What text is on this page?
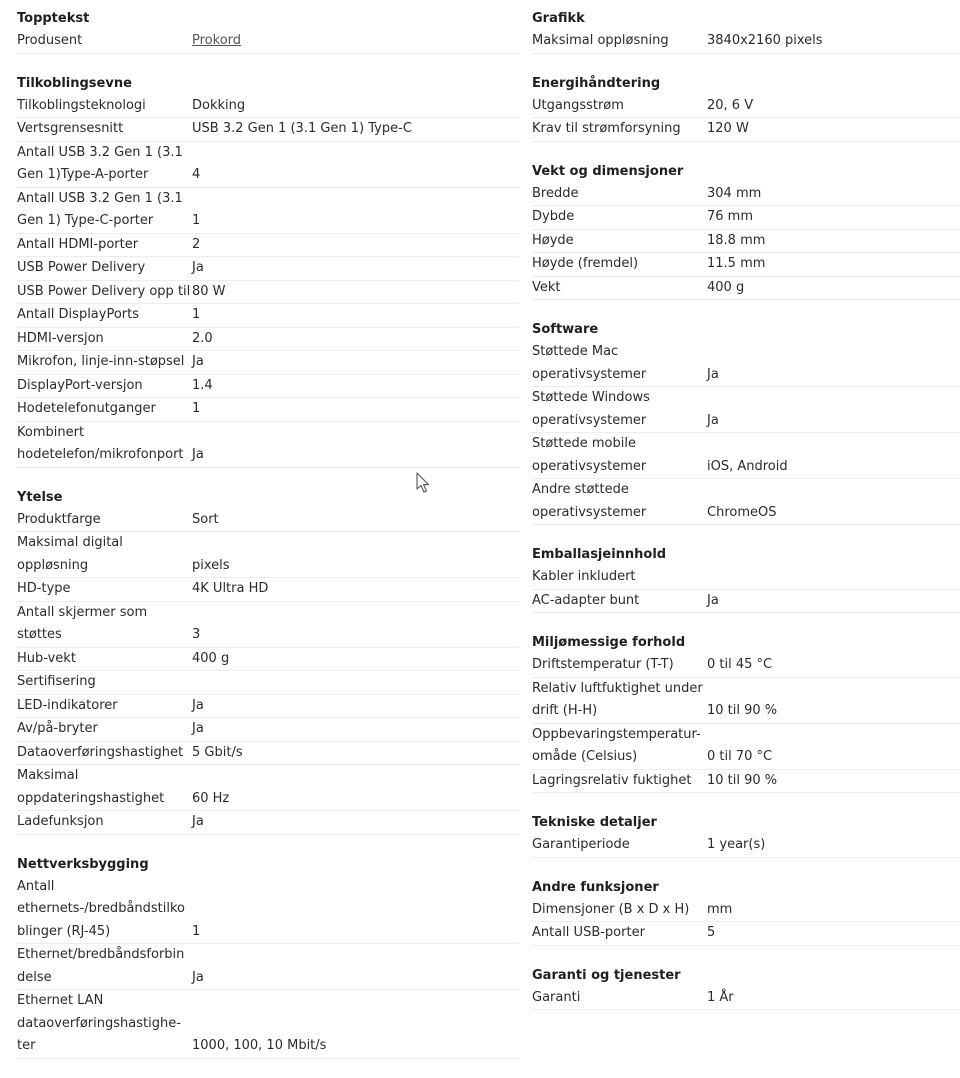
Topptekst
Produsent	Prokord
Tilkoblingsevne
Tilkoblingsteknologi	Dokking
Vertsgrensesnitt	USB 3.2 Gen 1 (3.1 Gen 1) Type-C
Antall USB 3.2 Gen 1 (3.1
Gen 1)Type-A-porter	4
Antall USB 3.2 Gen 1 (3.1
Gen 1) Type-C-porter	1
Antall HDMI-porter	2
USB Power Delivery	Ja
USB Power Delivery opp til 80 W
Antall DisplayPorts	1
HDMI-versjon	2.0
Mikrofon, linje-inn-støpsel Ja
DisplayPort-versjon	1.4
Hodetelefonutganger	1
Kombinert
hodetelefon/mikrofonport Ja
Ytelse
Produktfarge	Sort
Maksimal digital
oppløsning	pixels
HD-type	4K Ultra HD
Antall skjermer som
støttes	3
Hub-vekt	400 g
Sertifisering
LED-indikatorer	Ja
Av/på-bryter	Ja
Dataoverføringshastighet 5 Gbit/s
Maksimal
oppdateringshastighet	60 Hz
Ladefunksjon	Ja
Nettverksbygging
Antall
ethernets-/bredbåndstilko
blinger (RJ-45)	1
Ethernet/bredbåndsforbin
delse	Ja
Ethernet LAN
dataoverføringshastighe-
ter	1000, 100, 10 Mbit/s
Grafikk
Maksimal oppløsning	3840x2160 pixels
Energihåndtering
Utgangsstrøm	20, 6 V
Krav til strømforsyning	120 W
Vekt og dimensjoner
Bredde	304 mm
Dybde	76 mm
Høyde	18.8 mm
Høyde (fremdel)	11.5 mm
Vekt	400 g
Software
Støttede Mac
operativsystemer	Ja
Støttede Windows
operativsystemer	Ja
Støttede mobile
operativsystemer	iOS, Android
Andre støttede
operativsystemer	ChromeOS
Emballasjeinnhold
Kabler inkludert
AC-adapter bunt	Ja
Miljømessige forhold
Driftstemperatur (T-T)	0 til 45 °C
Relativ luftfuktighet under
drift (H-H)	10 til 90 %
Oppbevaringstemperatur-
omåde (Celsius)	0 til 70 °C
Lagringsrelativ fuktighet	10 til 90 %
Tekniske detaljer
Garantiperiode	1 year(s)
Andre funksjoner
Dimensjoner (B x D x H)	mm
Antall USB-porter	5
Garanti og tjenester
Garanti	1 År
